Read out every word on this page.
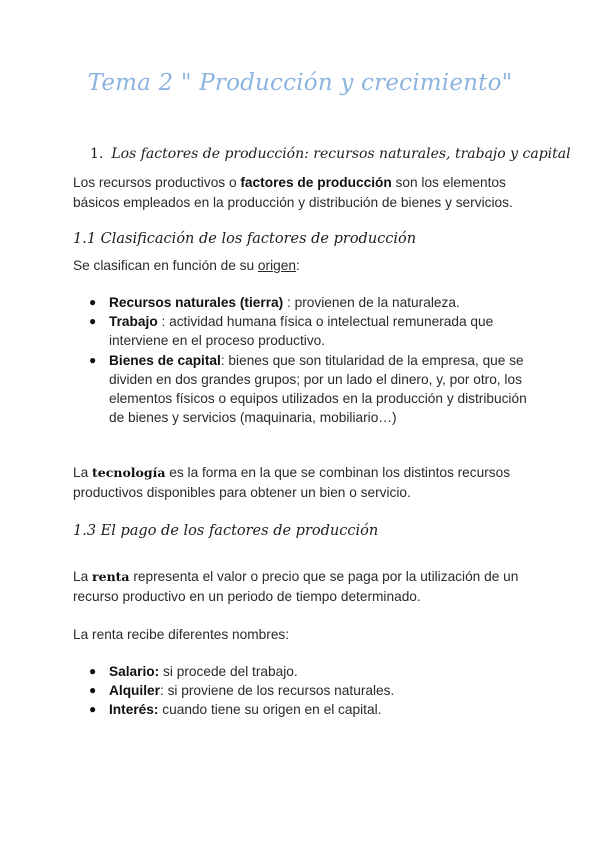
Tema 2 " Producción y crecimiento"
1. Los factores de producción: recursos naturales, trabajo y capital
Los recursos productivos o factores de producción son los elementos básicos empleados en la producción y distribución de bienes y servicios.
1.1 Clasificación de los factores de producción
Se clasifican en función de su origen:
● Recursos naturales (tierra) : provienen de la naturaleza.
● Trabajo : actividad humana física o intelectual remunerada que interviene en el proceso productivo.
● Bienes de capital: bienes que son titularidad de la empresa, que se dividen en dos grandes grupos; por un lado el dinero, y, por otro, los elementos físicos o equipos utilizados en la producción y distribución de bienes y servicios (maquinaria, mobiliario…)
La tecnología es la forma en la que se combinan los distintos recursos productivos disponibles para obtener un bien o servicio.
1.3 El pago de los factores de producción
La renta representa el valor o precio que se paga por la utilización de un recurso productivo en un periodo de tiempo determinado.
La renta recibe diferentes nombres:
● Salario: si procede del trabajo.
● Alquiler: si proviene de los recursos naturales.
● Interés: cuando tiene su origen en el capital.
